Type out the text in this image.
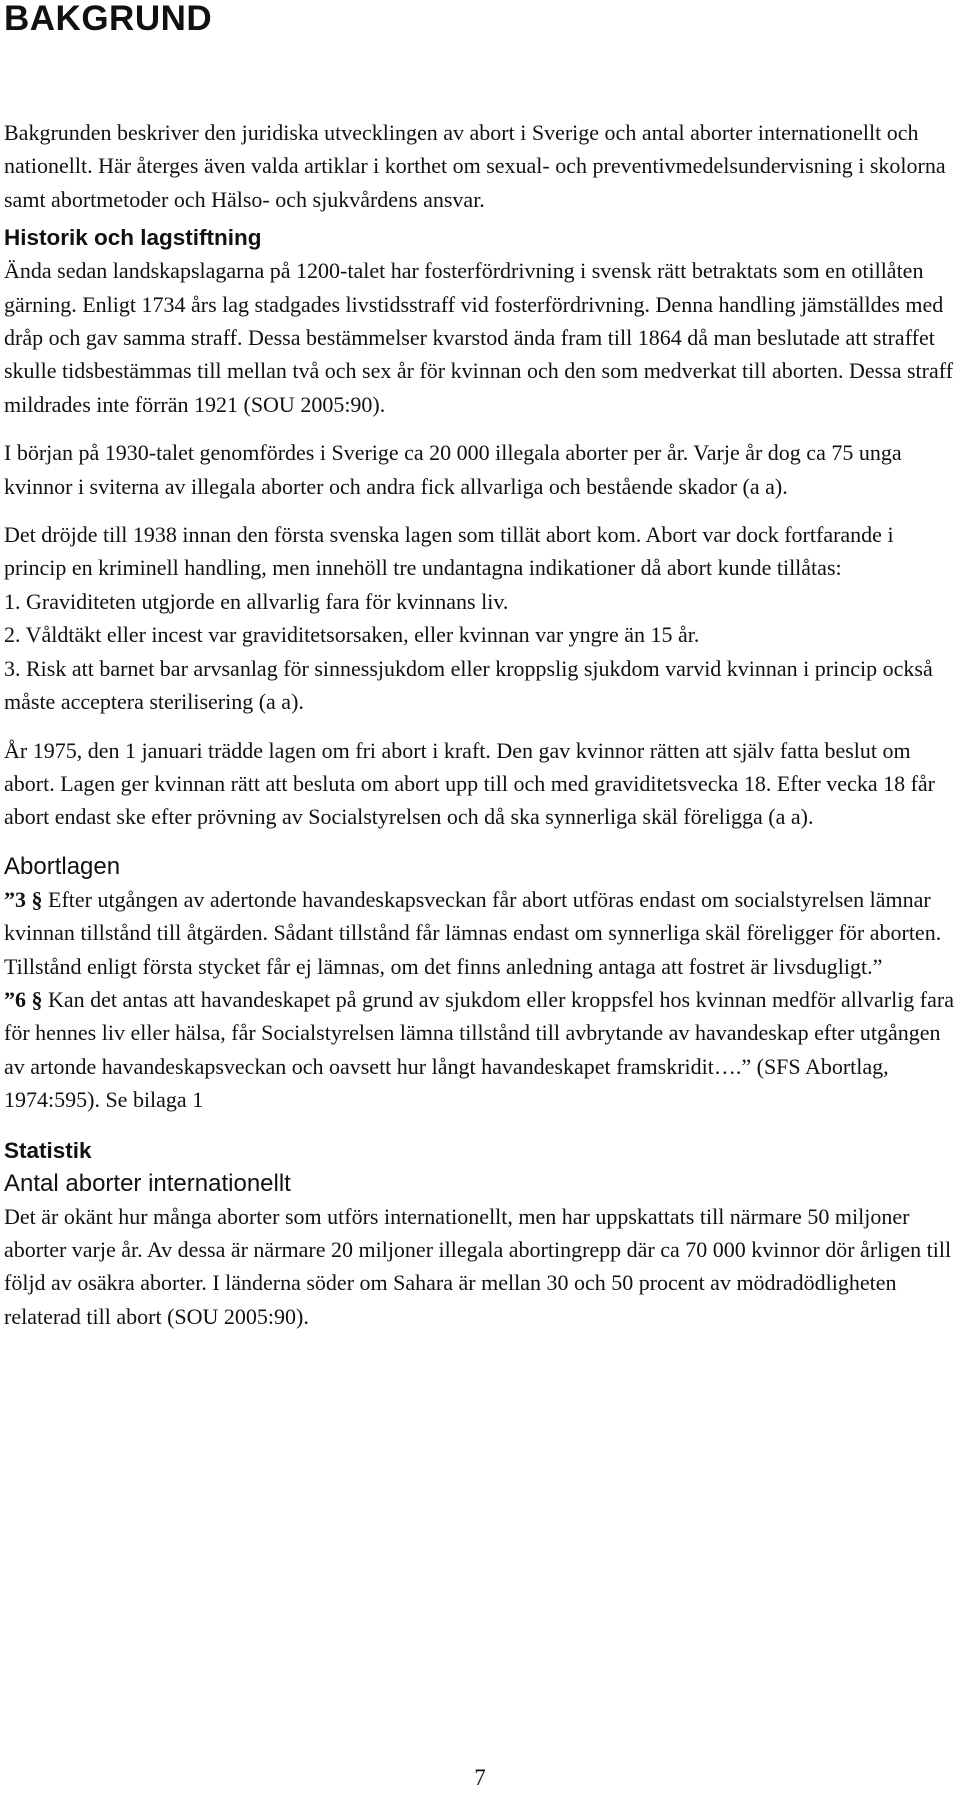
BAKGRUND

Bakgrunden beskriver den juridiska utvecklingen av abort i Sverige och antal aborter internationellt och nationellt. Här återges även valda artiklar i korthet om sexual- och preventivmedelsundervisning i skolorna samt abortmetoder och Hälso- och sjukvårdens ansvar.

Historik och lagstiftning

Ända sedan landskapslagarna på 1200-talet har fosterfördrivning i svensk rätt betraktats som en otillåten gärning. Enligt 1734 års lag stadgades livstidsstraff vid fosterfördrivning. Denna handling jämställdes med dråp och gav samma straff. Dessa bestämmelser kvarstod ända fram till 1864 då man beslutade att straffet skulle tidsbestämmas till mellan två och sex år för kvinnan och den som medverkat till aborten. Dessa straff mildrades inte förrän 1921 (SOU 2005:90).

I början på 1930-talet genomfördes i Sverige ca 20 000 illegala aborter per år. Varje år dog ca 75 unga kvinnor i sviterna av illegala aborter och andra fick allvarliga och bestående skador (a a).

Det dröjde till 1938 innan den första svenska lagen som tillät abort kom. Abort var dock fortfarande i princip en kriminell handling, men innehöll tre undantagna indikationer då abort kunde tillåtas:

1. Graviditeten utgjorde en allvarlig fara för kvinnans liv.

2. Våldtäkt eller incest var graviditetsorsaken, eller kvinnan var yngre än 15 år.

3. Risk att barnet bar arvsanlag för sinnessjukdom eller kroppslig sjukdom varvid kvinnan i princip också måste acceptera sterilisering (a a).

År 1975, den 1 januari trädde lagen om fri abort i kraft. Den gav kvinnor rätten att själv fatta beslut om abort. Lagen ger kvinnan rätt att besluta om abort upp till och med graviditetsvecka 18. Efter vecka 18 får abort endast ske efter prövning av Socialstyrelsen och då ska synnerliga skäl föreligga (a a).

Abortlagen

”3 § Efter utgången av adertonde havandeskapsveckan får abort utföras endast om socialstyrelsen lämnar kvinnan tillstånd till åtgärden. Sådant tillstånd får lämnas endast om synnerliga skäl föreligger för aborten. Tillstånd enligt första stycket får ej lämnas, om det finns anledning antaga att fostret är livsdugligt.”

”6 § Kan det antas att havandeskapet på grund av sjukdom eller kroppsfel hos kvinnan medför allvarlig fara för hennes liv eller hälsa, får Socialstyrelsen lämna tillstånd till avbrytande av havandeskap efter utgången av artonde havandeskapsveckan och oavsett hur långt havandeskapet framskridit….” (SFS Abortlag, 1974:595). Se bilaga 1

Statistik
Antal aborter internationellt

Det är okänt hur många aborter som utförs internationellt, men har uppskattats till närmare 50 miljoner aborter varje år. Av dessa är närmare 20 miljoner illegala abortingrepp där ca 70 000 kvinnor dör årligen till följd av osäkra aborter. I länderna söder om Sahara är mellan 30 och 50 procent av mödradödligheten relaterad till abort (SOU 2005:90).

7
